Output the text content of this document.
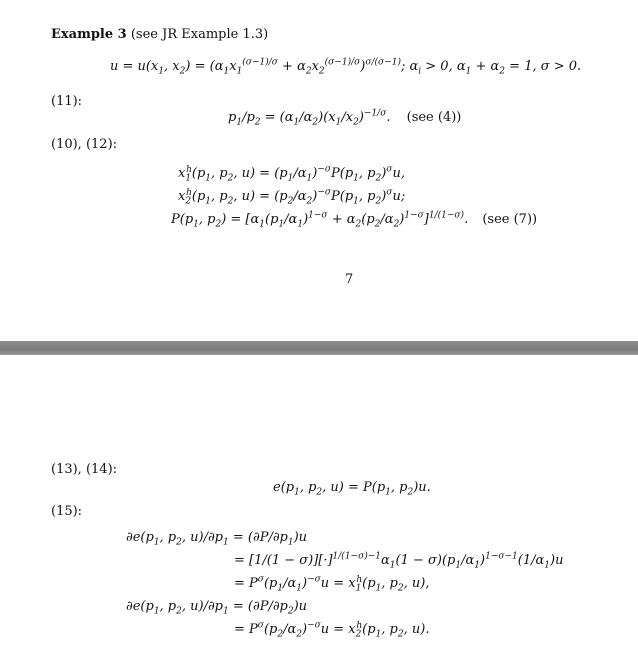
Example 3 (see JR Example 1.3)
$u = u(x_1$, $x_2) = (\alpha_1x_1^{(\sigma-1)/\sigma} + \alpha_2x_2^{(\sigma-1)/\sigma})^{\sigma/(\sigma-1)}$; $\alpha_i > 0$, $\alpha_1 + \alpha_2 = 1$, σ > 0.
(11):
$p_1/p_2 = (\alpha_1/\alpha_2)(x_1/x_2)^{-1/\sigma}$. (see (4))
(10), (12):
$x_1^h(p_1$, $p_2$, $u) = (p_1/\alpha_1)^{-\sigma}P(p_1$, $p_2)^\sigma u$,
$x_2^h(p_1$, $p_2$, $u) = (p_2/\alpha_2)^{-\sigma}P(p_1$, $p_2)^\sigma u$;
$P(p_1$, $p_2) = [\alpha_1(p_1/\alpha_1)^{1-\sigma} + \alpha_2(p_2/\alpha_2)^{1-\sigma}]^{1/(1-\sigma)}$. (see (7))
7
(13), (14):
$e(p_1$, $p_2$, $u) = P(p_1$, $p_2)u$.
(15):
$\partial e(p_1$, $p_2$, $u)/\partial p_1 = (\partial P/\partial p_1)u$
= $[1/(1 - \sigma)][\cdot]^{1/(1-\sigma)-1}\alpha_1(1 - \sigma)(p_1/\alpha_1)^{1-\sigma-1}(1/\alpha_1)u$
= $P^\sigma(p_1/\alpha_1)^{-\sigma}u = x_1^h(p_1$, $p_2$, u),
$\partial e(p_1$, $p_2$, $u)/\partial p_1 = (\partial P/\partial p_2)u$
= $P^\sigma(p_2/\alpha_2)^{-\sigma}u = x_2^h(p_1$, $p_2$, u).
